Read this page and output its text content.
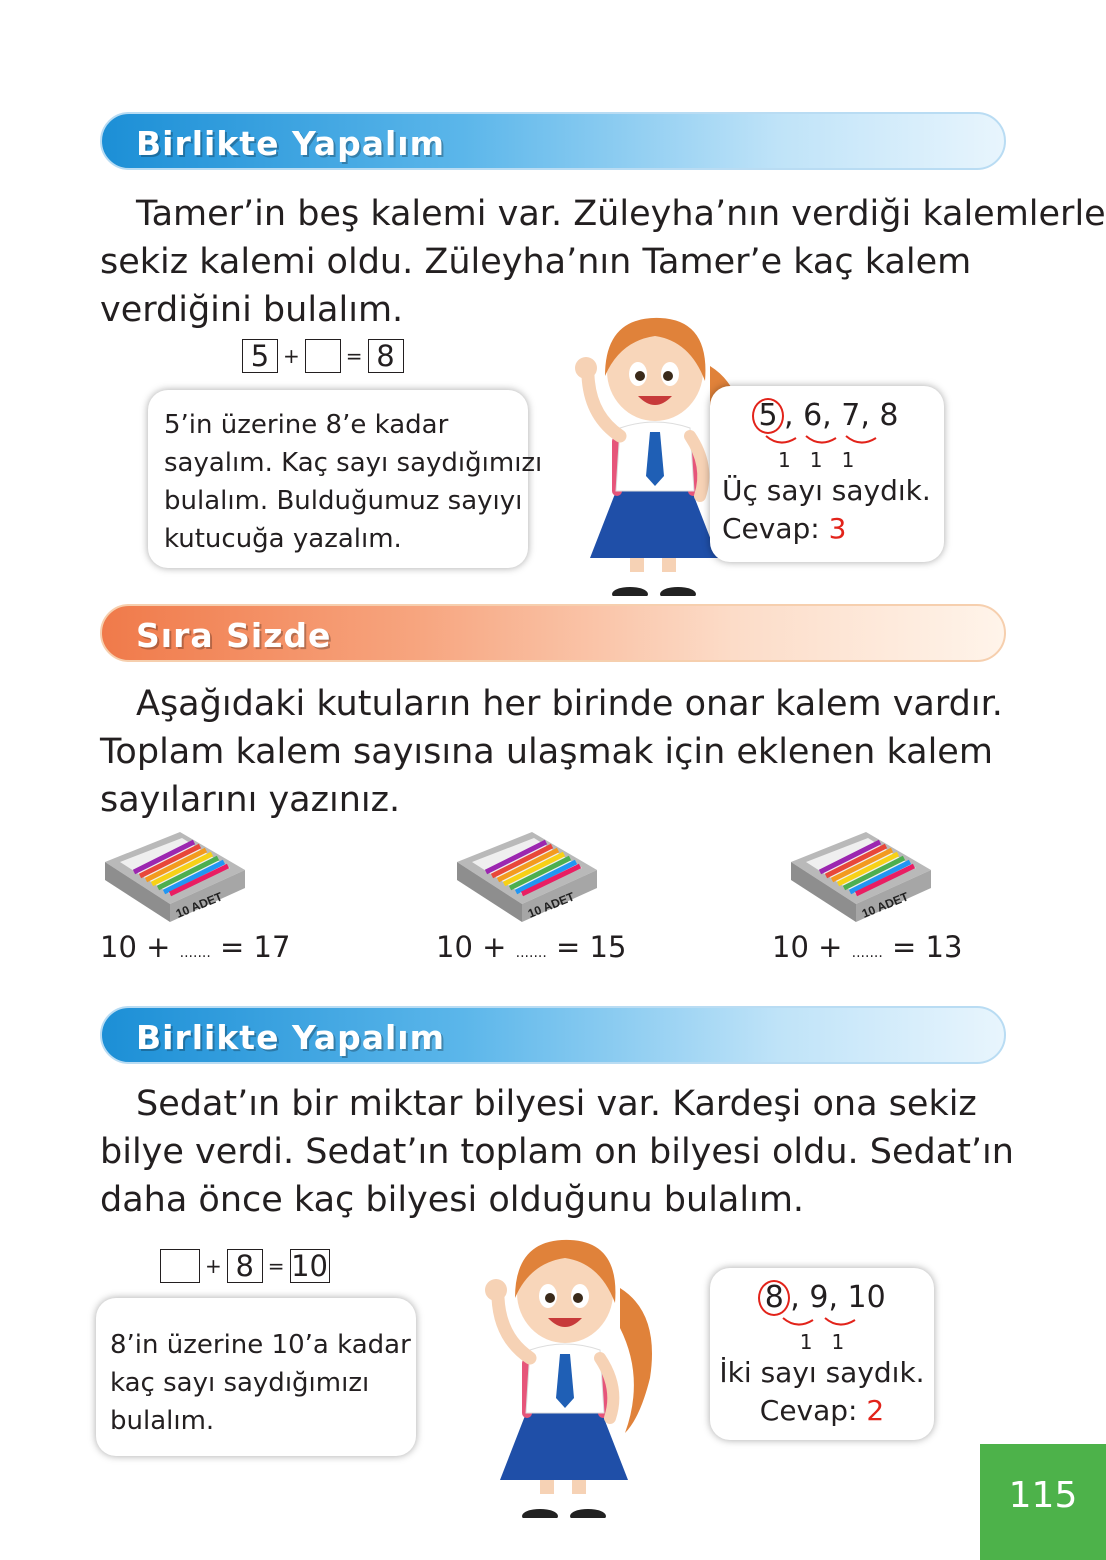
Birlikte Yapalım

Tamer’in beş kalemi var. Züleyha’nın verdiği kalemlerle
sekiz kalemi oldu. Züleyha’nın Tamer’e kaç kalem
verdiğini bulalım.

5 + = 8
5’in üzerine 8’e kadar
sayalım. Kaç sayı saydığımızı
bulalım. Bulduğumuz sayıyı
kutucuğa yazalım.
5 , 6, 7, 8
1   1   1
Üç sayı saydık.
Cevap: 3
Sıra Sizde

Aşağıdaki kutuların her birinde onar kalem vardır.
Toplam kalem sayısına ulaşmak için eklenen kalem
sayılarını yazınız.

10 ADET	10 ADET	10 ADET
10 + ....... = 17	10 + ....... = 15	10 + ....... = 13
Birlikte Yapalım

Sedat’ın bir miktar bilyesi var. Kardeşi ona sekiz
bilye verdi. Sedat’ın toplam on bilyesi oldu. Sedat’ın
daha önce kaç bilyesi olduğunu bulalım.

+ 8 = 10
8’in üzerine 10’a kadar
kaç sayı saydığımızı
bulalım.
8 , 9, 10
1   1
İki sayı saydık.
Cevap: 2
115
